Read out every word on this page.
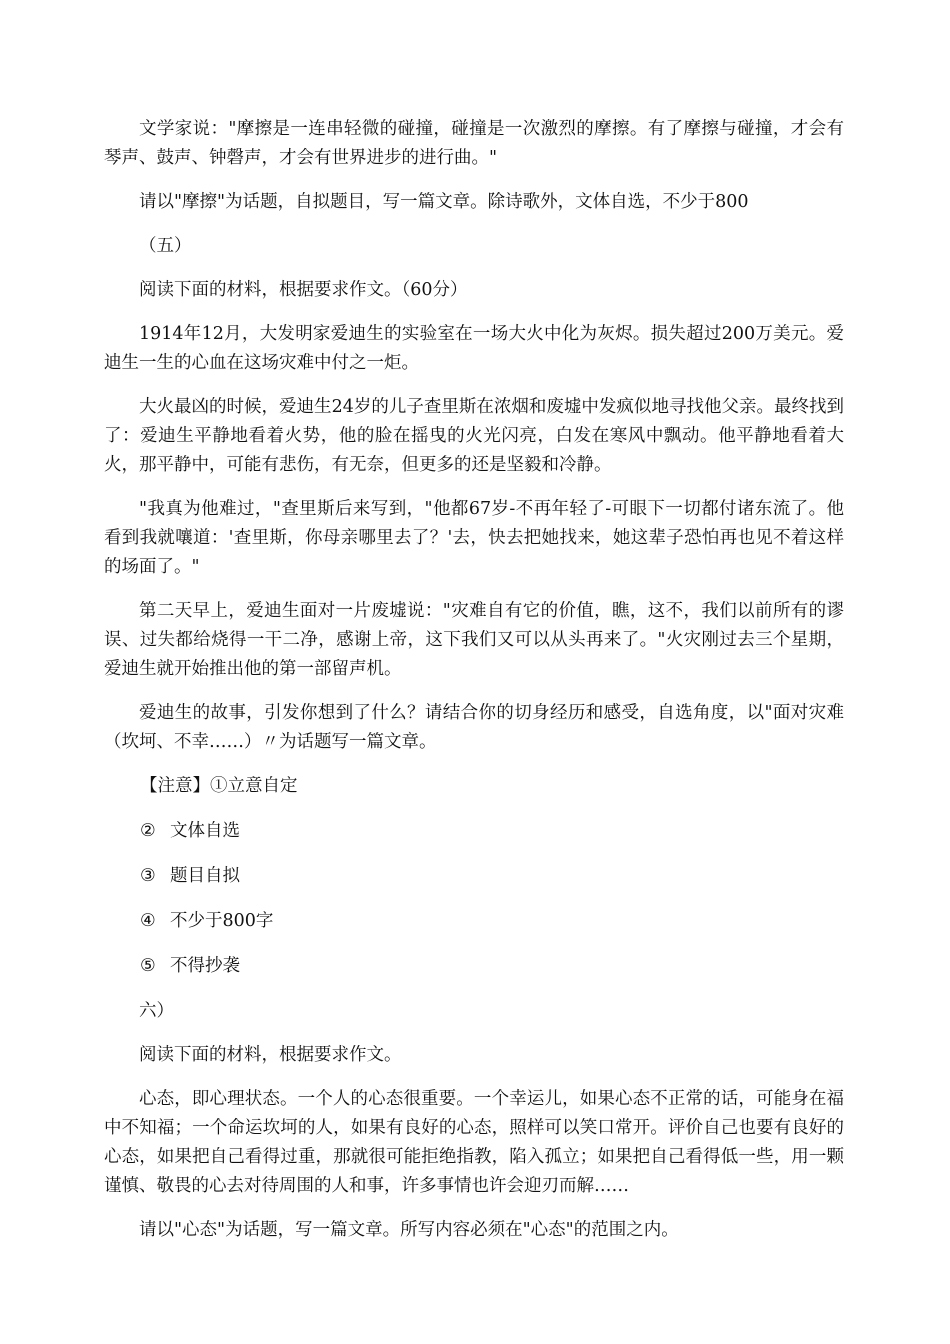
文学家说："摩擦是一连串轻微的碰撞，碰撞是一次激烈的摩擦。有了摩擦与碰撞，才会有琴声、鼓声、钟磬声，才会有世界进步的进行曲。"

请以"摩擦"为话题，自拟题目，写一篇文章。除诗歌外，文体自选，不少于800

（五）

阅读下面的材料，根据要求作文。（60分）

1914年12月，大发明家爱迪生的实验室在一场大火中化为灰烬。损失超过200万美元。爱迪生一生的心血在这场灾难中付之一炬。

大火最凶的时候，爱迪生24岁的儿子查里斯在浓烟和废墟中发疯似地寻找他父亲。最终找到了：爱迪生平静地看着火势，他的脸在摇曳的火光闪亮，白发在寒风中飘动。他平静地看着大火，那平静中，可能有悲伤，有无奈，但更多的还是坚毅和冷静。

"我真为他难过，"查里斯后来写到，"他都67岁-不再年轻了-可眼下一切都付诸东流了。他看到我就嚷道：'查里斯，你母亲哪里去了？'去，快去把她找来，她这辈子恐怕再也见不着这样的场面了。"

第二天早上，爱迪生面对一片废墟说："灾难自有它的价值，瞧，这不，我们以前所有的谬误、过失都给烧得一干二净，感谢上帝，这下我们又可以从头再来了。"火灾刚过去三个星期，爱迪生就开始推出他的第一部留声机。

爱迪生的故事，引发你想到了什么？请结合你的切身经历和感受，自选角度，以"面对灾难（坎坷、不幸……）〃为话题写一篇文章。

【注意】①立意自定

② 文体自选

③ 题目自拟

④ 不少于800字

⑤ 不得抄袭

六）

阅读下面的材料，根据要求作文。

心态，即心理状态。一个人的心态很重要。一个幸运儿，如果心态不正常的话，可能身在福中不知福；一个命运坎坷的人，如果有良好的心态，照样可以笑口常开。评价自己也要有良好的心态，如果把自己看得过重，那就很可能拒绝指教，陷入孤立；如果把自己看得低一些，用一颗谨慎、敬畏的心去对待周围的人和事，许多事情也许会迎刃而解……

请以"心态"为话题，写一篇文章。所写内容必须在"心态"的范围之内。
